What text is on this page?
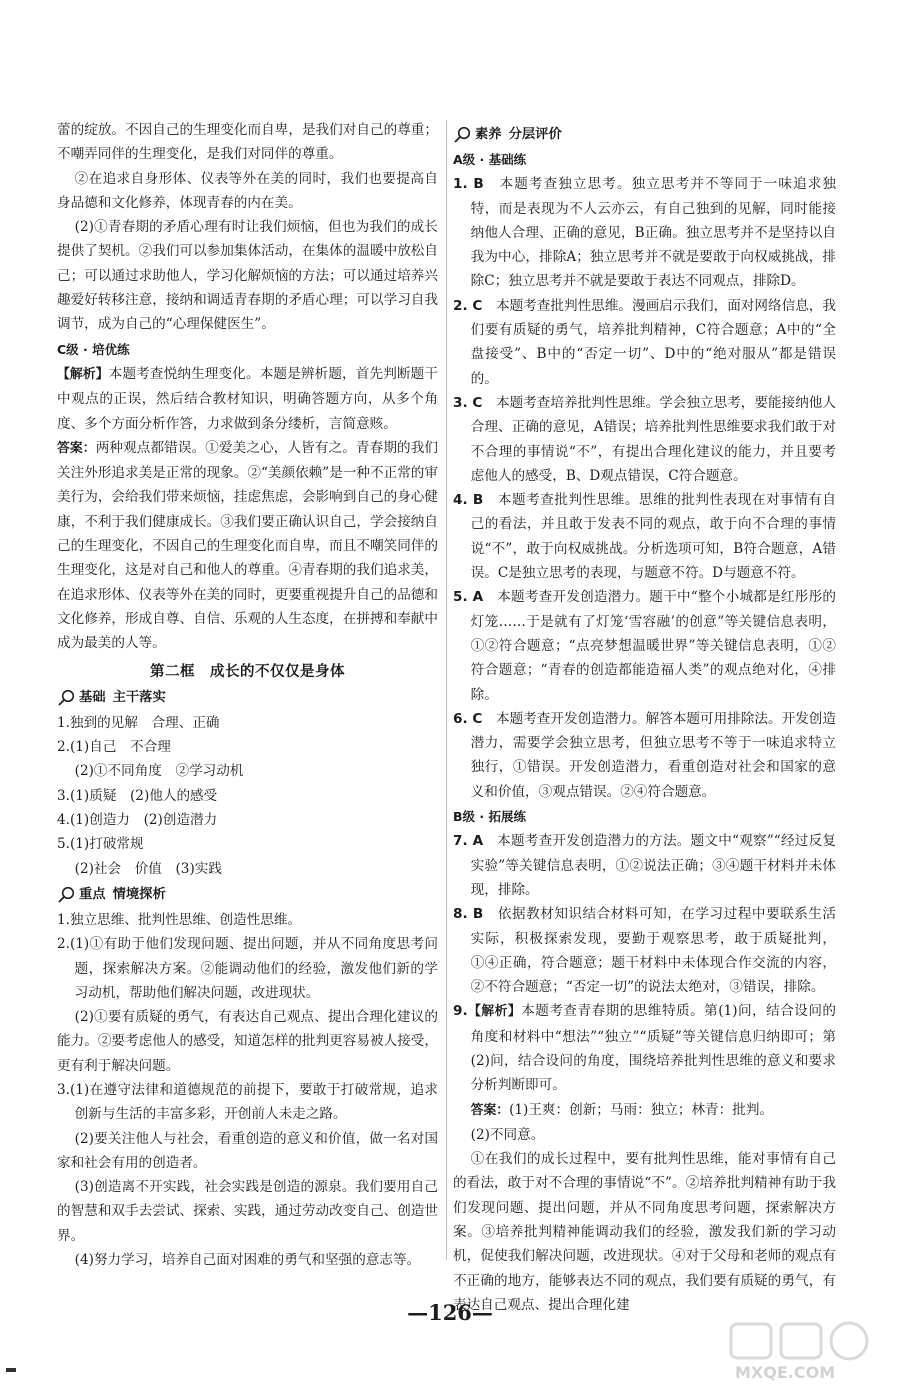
蕾的绽放。不因自己的生理变化而自卑，是我们对自己的尊重；不嘲弄同伴的生理变化，是我们对同伴的尊重。

②在追求自身形体、仪表等外在美的同时，我们也要提高自身品德和文化修养，体现青春的内在美。

(2)①青春期的矛盾心理有时让我们烦恼，但也为我们的成长提供了契机。②我们可以参加集体活动，在集体的温暖中放松自己；可以通过求助他人，学习化解烦恼的方法；可以通过培养兴趣爱好转移注意，接纳和调适青春期的矛盾心理；可以学习自我调节，成为自己的“心理保健医生”。

C级 · 培优练

【解析】本题考查悦纳生理变化。本题是辨析题，首先判断题干中观点的正误，然后结合教材知识，明确答题方向，从多个角度、多个方面分析作答，力求做到条分缕析，言简意赅。

答案：两种观点都错误。①爱美之心，人皆有之。青春期的我们关注外形追求美是正常的现象。②“美颜依赖”是一种不正常的审美行为，会给我们带来烦恼，挂虑焦虑，会影响到自己的身心健康，不利于我们健康成长。③我们要正确认识自己，学会接纳自己的生理变化，不因自己的生理变化而自卑，而且不嘲笑同伴的生理变化，这是对自己和他人的尊重。④青春期的我们追求美，在追求形体、仪表等外在美的同时，更要重视提升自己的品德和文化修养，形成自尊、自信、乐观的人生态度，在拼搏和奉献中成为最美的人等。

第二框　成长的不仅仅是身体
基础 主干落实

1.独到的见解　合理、正确

2.(1)自己　不合理

(2)①不同角度　②学习动机

3.(1)质疑　(2)他人的感受

4.(1)创造力　(2)创造潜力

5.(1)打破常规

(2)社会　价值　(3)实践

重点 情境探析

1.独立思维、批判性思维、创造性思维。

2.(1)①有助于他们发现问题、提出问题，并从不同角度思考问题，探索解决方案。②能调动他们的经验，激发他们新的学习动机，帮助他们解决问题，改进现状。

(2)①要有质疑的勇气，有表达自己观点、提出合理化建议的能力。②要考虑他人的感受，知道怎样的批判更容易被人接受，更有利于解决问题。

3.(1)在遵守法律和道德规范的前提下，要敢于打破常规，追求创新与生活的丰富多彩，开创前人未走之路。

(2)要关注他人与社会，看重创造的意义和价值，做一名对国家和社会有用的创造者。

(3)创造离不开实践，社会实践是创造的源泉。我们要用自己的智慧和双手去尝试、探索、实践，通过劳动改变自己、创造世界。

(4)努力学习，培养自己面对困难的勇气和坚强的意志等。

素养 分层评价

A级 · 基础练

1. B　 本题考查独立思考。独立思考并不等同于一味追求独特，而是表现为不人云亦云，有自己独到的见解，同时能接纳他人合理、正确的意见，B正确。独立思考并不是坚持以自我为中心，排除A；独立思考并不就是要敢于向权威挑战，排除C；独立思考并不就是要敢于表达不同观点，排除D。

2. C　 本题考查批判性思维。漫画启示我们，面对网络信息，我们要有质疑的勇气，培养批判精神，C符合题意；A中的“全盘接受”、B中的“否定一切”、D中的“绝对服从”都是错误的。

3. C　 本题考查培养批判性思维。学会独立思考，要能接纳他人合理、正确的意见，A错误；培养批判性思维要求我们敢于对不合理的事情说“不”，有提出合理化建议的能力，并且要考虑他人的感受，B、D观点错误，C符合题意。

4. B　 本题考查批判性思维。思维的批判性表现在对事情有自己的看法，并且敢于发表不同的观点，敢于向不合理的事情说“不”，敢于向权威挑战。分析选项可知，B符合题意，A错误。C是独立思考的表现，与题意不符。D与题意不符。

5. A　 本题考查开发创造潜力。题干中“整个小城都是红彤彤的灯笼……于是就有了灯笼‘雪容融’的创意”等关键信息表明，①②符合题意；“点亮梦想温暖世界”等关键信息表明，①②符合题意；“青春的创造都能造福人类”的观点绝对化，④排除。

6. C　 本题考查开发创造潜力。解答本题可用排除法。开发创造潜力，需要学会独立思考，但独立思考不等于一味追求特立独行，①错误。开发创造潜力，看重创造对社会和国家的意义和价值，③观点错误。②④符合题意。

B级 · 拓展练

7. A　 本题考查开发创造潜力的方法。题文中“观察”“经过反复实验”等关键信息表明，①②说法正确；③④题干材料并未体现，排除。

8. B　 依据教材知识结合材料可知，在学习过程中要联系生活实际，积极探索发现，要勤于观察思考，敢于质疑批判，①④正确，符合题意；题干材料中未体现合作交流的内容，②不符合题意；“否定一切”的说法太绝对，③错误，排除。

9.【解析】本题考查青春期的思维特质。第(1)问，结合设问的角度和材料中“想法”“独立”“质疑”等关键信息归纳即可；第(2)问，结合设问的角度，围绕培养批判性思维的意义和要求分析判断即可。

答案：(1)王爽：创新；马雨：独立；林青：批判。

(2)不同意。

①在我们的成长过程中，要有批判性思维，能对事情有自己的看法，敢于对不合理的事情说“不”。②培养批判精神有助于我们发现问题、提出问题，并从不同角度思考问题，探索解决方案。③培养批判精神能调动我们的经验，激发我们新的学习动机，促使我们解决问题，改进现状。④对于父母和老师的观点有不正确的地方，能够表达不同的观点，我们要有质疑的勇气，有表达自己观点、提出合理化建

—126—
MXQE.COM
